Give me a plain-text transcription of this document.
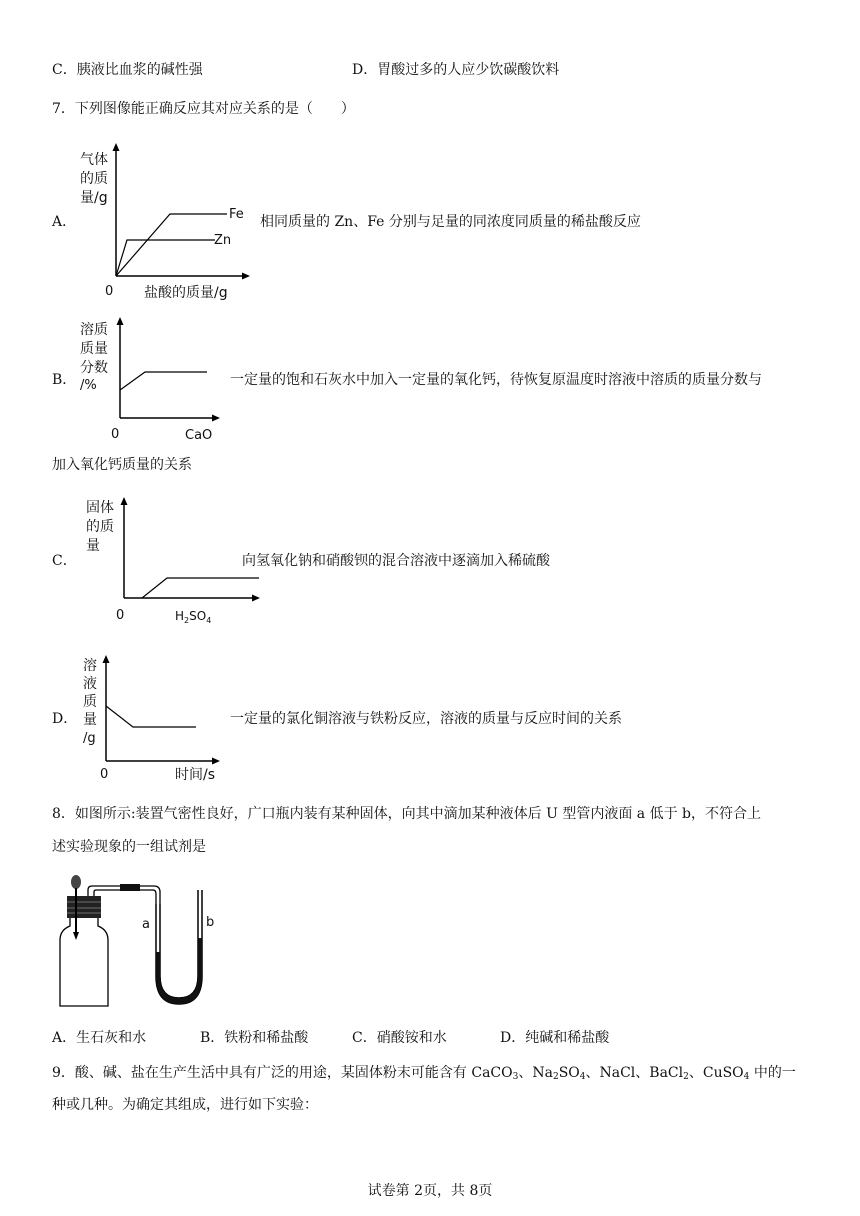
C．胰液比血浆的碱性强	D．胃酸过多的人应少饮碳酸饮料
7．下列图像能正确反应其对应关系的是（　　）
A．
气体
的质
量/g
Fe
Zn
0 盐酸的质量/g
相同质量的 Zn、Fe 分别与足量的同浓度同质量的稀盐酸反应
B．
溶质
质量
分数
/%
0	CaO
一定量的饱和石灰水中加入一定量的氧化钙，待恢复原温度时溶液中溶质的质量分数与
加入氧化钙质量的关系
C．
固体
的质
量
0	$H_2SO_4$
向氢氧化钠和硝酸钡的混合溶液中逐滴加入稀硫酸
D．
溶
液
质
量
/g
0	时间/s
一定量的氯化铜溶液与铁粉反应，溶液的质量与反应时间的关系
8．如图所示:装置气密性良好，广口瓶内装有某种固体，向其中滴加某种液体后 U 型管内液面 a 低于 b，不符合上
述实验现象的一组试剂是
a	b
A．生石灰和水	B．铁粉和稀盐酸	C．硝酸铵和水	D．纯碱和稀盐酸
9．酸、碱、盐在生产生活中具有广泛的用途，某固体粉末可能含有 CaCO$_3$、$Na_2SO_4$、NaCl、BaCl$_2$、CuSO$_4$ 中的一
种或几种。为确定其组成，进行如下实验：
试卷第 2页，共 8页
